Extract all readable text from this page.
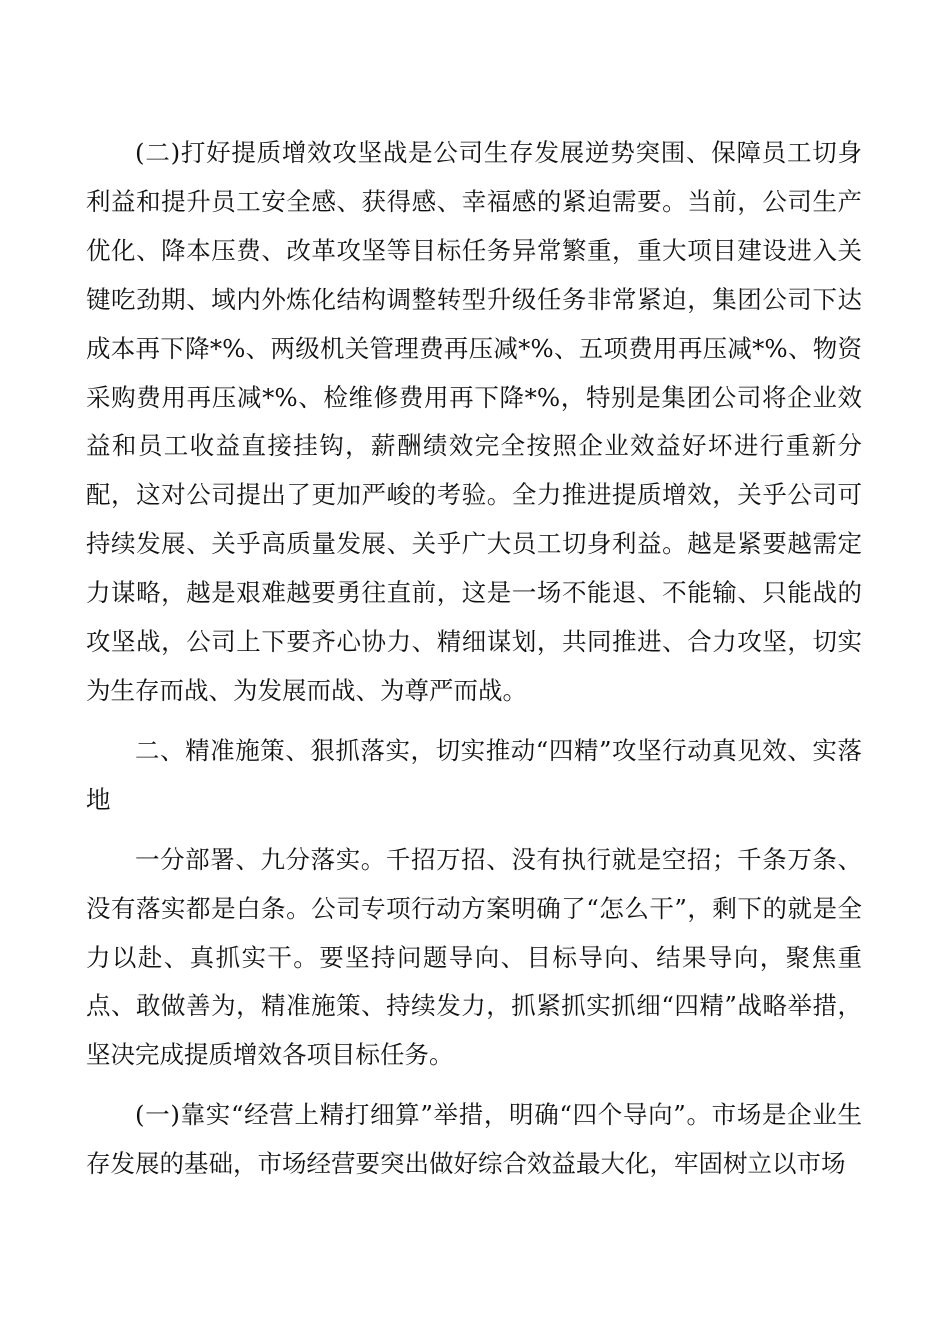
(二)打好提质增效攻坚战是公司生存发展逆势突围、保障员工切身利益和提升员工安全感、获得感、幸福感的紧迫需要。当前，公司生产优化、降本压费、改革攻坚等目标任务异常繁重，重大项目建设进入关键吃劲期、域内外炼化结构调整转型升级任务非常紧迫，集团公司下达成本再下降*%、两级机关管理费再压减*%、五项费用再压减*%、物资采购费用再压减*%、检维修费用再下降*%，特别是集团公司将企业效益和员工收益直接挂钩，薪酬绩效完全按照企业效益好坏进行重新分配，这对公司提出了更加严峻的考验。全力推进提质增效，关乎公司可持续发展、关乎高质量发展、关乎广大员工切身利益。越是紧要越需定力谋略，越是艰难越要勇往直前，这是一场不能退、不能输、只能战的攻坚战，公司上下要齐心协力、精细谋划，共同推进、合力攻坚，切实为生存而战、为发展而战、为尊严而战。

二、精准施策、狠抓落实，切实推动“四精”攻坚行动真见效、实落地

一分部署、九分落实。千招万招、没有执行就是空招；千条万条、没有落实都是白条。公司专项行动方案明确了“怎么干”，剩下的就是全力以赴、真抓实干。要坚持问题导向、目标导向、结果导向，聚焦重点、敢做善为，精准施策、持续发力，抓紧抓实抓细“四精”战略举措，坚决完成提质增效各项目标任务。

(一)靠实“经营上精打细算”举措，明确“四个导向”。市场是企业生存发展的基础，市场经营要突出做好综合效益最大化，牢固树立以市场
